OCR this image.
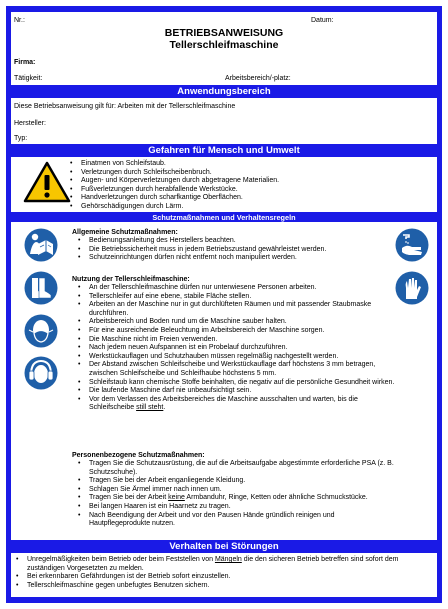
Nr.:	Datum:
BETRIEBSANWEISUNG
Tellerschleifmaschine
Firma:
Tätigkeit:	Arbeitsbereich/-platz:
Anwendungsbereich
Diese Betriebsanweisung gilt für: Arbeiten mit der Tellerschleifmaschine
Hersteller:
Typ:
Gefahren für Mensch und Umwelt
• Einatmen von Schleifstaub.
• Verletzungen durch Schleifscheibenbruch.
• Augen- und Körperverletzungen durch abgetragene Materialien.
• Fußverletzungen durch herabfallende Werkstücke.
• Handverletzungen durch scharfkantige Oberflächen.
• Gehörschädigungen durch Lärm.
Schutzmaßnahmen und Verhaltensregeln
Allgemeine Schutzmaßnahmen:
• Bedienungsanleitung des Herstellers beachten.
• Die Betriebssicherheit muss in jedem Betriebszustand gewährleistet werden.
• Schutzeinrichtungen dürfen nicht entfernt noch manipuliert werden.
Nutzung der Tellerschleifmaschine:
• An der Tellerschleifmaschine dürfen nur unterwiesene Personen arbeiten.
• Tellerschleifer auf eine ebene, stabile Fläche stellen.
• Arbeiten an der Maschine nur in gut durchlüfteten Räumen und mit passender Staubmaske durchführen.
• Arbeitsbereich und Boden rund um die Maschine sauber halten.
• Für eine ausreichende Beleuchtung im Arbeitsbereich der Maschine sorgen.
• Die Maschine nicht im Freien verwenden.
• Nach jedem neuen Aufspannen ist ein Probelauf durchzuführen.
• Werkstückauflagen und Schutzhauben müssen regelmäßig nachgestellt werden.
• Der Abstand zwischen Schleifscheibe und Werkstückauflage darf höchstens 3 mm betragen, zwischen Schleifscheibe und Schleifhaube höchstens 5 mm.
• Schleifstaub kann chemische Stoffe beinhalten, die negativ auf die persönliche Gesundheit wirken.
• Die laufende Maschine darf nie unbeaufsichtigt sein.
• Vor dem Verlassen des Arbeitsbereiches die Maschine ausschalten und warten, bis die Schleifscheibe still steht.
Personenbezogene Schutzmaßnahmen:
• Tragen Sie die Schutzausrüstung, die auf die Arbeitsaufgabe abgestimmte erforderliche PSA (z. B. Schutzschuhe).
• Tragen Sie bei der Arbeit enganliegende Kleidung.
• Schlagen Sie Ärmel immer nach innen um.
• Tragen Sie bei der Arbeit keine Armbanduhr, Ringe, Ketten oder ähnliche Schmuckstücke.
• Bei langen Haaren ist ein Haarnetz zu tragen.
• Nach Beendigung der Arbeit und vor den Pausen Hände gründlich reinigen und Hautpflegeprodukte nutzen.
Verhalten bei Störungen
• Unregelmäßigkeiten beim Betrieb oder beim Feststellen von Mängeln die den sicheren Betrieb betreffen sind sofort dem zuständigen Vorgesetzten zu melden.
• Bei erkennbaren Gefährdungen ist der Betrieb sofort einzustellen.
• Tellerschleifmaschine gegen unbefugtes Benutzen sichern.
